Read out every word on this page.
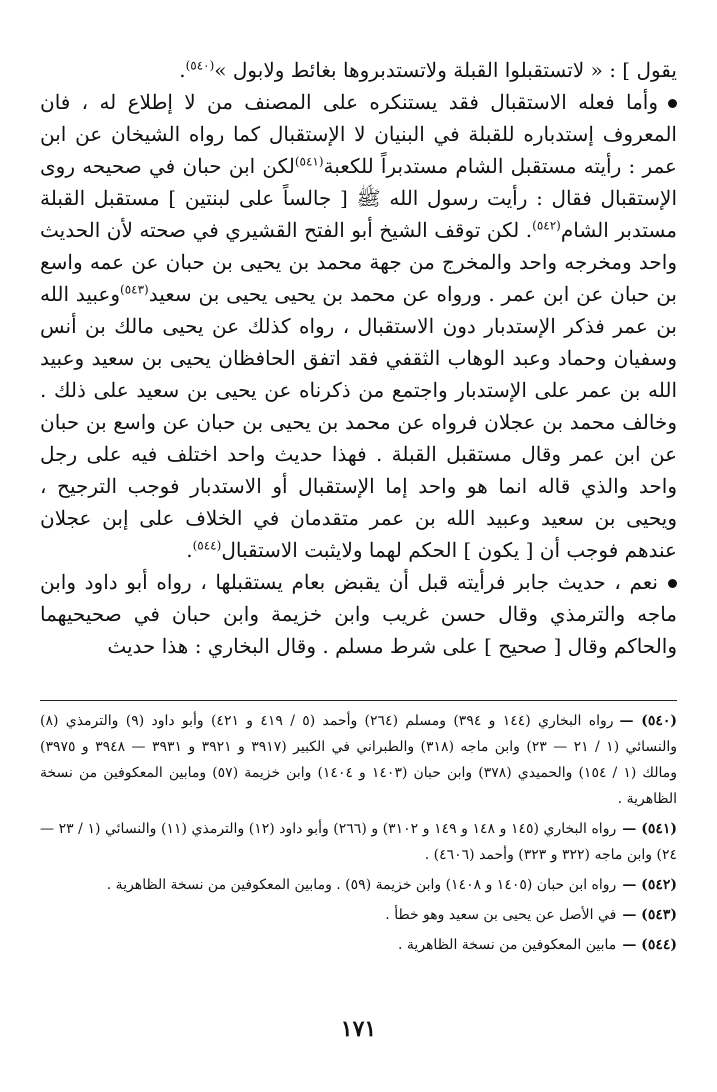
يقول ] : « لاتستقبلوا القبلة ولاتستدبروها بغائط ولابول »$^{(٥٤٠)}$.

وأما فعله الاستقبال فقد يستنكره على المصنف من لا إطلاع له ، فان المعروف إستدباره للقبلة في البنيان لا الإستقبال كما رواه الشيخان عن ابن عمر : رأيته مستقبل الشام مستدبراً للكعبة$^{(٥٤١)}$لكن ابن حبان في صحيحه روى الإستقبال فقال : رأيت رسول الله ﷺ [ جالساً على لبنتين ] مستقبل القبلة مستدبر الشام$^{(٥٤٢)}$. لكن توقف الشيخ أبو الفتح القشيري في صحته لأن الحديث واحد ومخرجه واحد والمخرج من جهة محمد بن يحيى بن حبان عن عمه واسع بن حبان عن ابن عمر . ورواه عن محمد بن يحيى يحيى بن سعيد$^{(٥٤٣)}$وعبيد الله بن عمر فذكر الإستدبار دون الاستقبال ، رواه كذلك عن يحيى مالك بن أنس وسفيان وحماد وعبد الوهاب الثقفي فقد اتفق الحافظان يحيى بن سعيد وعبيد الله بن عمر على الإستدبار واجتمع من ذكرناه عن يحيى بن سعيد على ذلك . وخالف محمد بن عجلان فرواه عن محمد بن يحيى بن حبان عن واسع بن حبان عن ابن عمر وقال مستقبل القبلة . فهذا حديث واحد اختلف فيه على رجل واحد والذي قاله انما هو واحد إما الإستقبال أو الاستدبار فوجب الترجيح ، ويحيى بن سعيد وعبيد الله بن عمر متقدمان في الخلاف على إبن عجلان عندهم فوجب أن [ يكون ] الحكم لهما ولايثبت الاستقبال$^{(٥٤٤)}$.

نعم ، حديث جابر فرأيته قبل أن يقبض بعام يستقبلها ، رواه أبو داود وابن ماجه والترمذي وقال حسن غريب وابن خزيمة وابن حبان في صحيحيهما والحاكم وقال [ صحيح ] على شرط مسلم . وقال البخاري : هذا حديث

(٥٤٠) —رواه البخاري (١٤٤ و ٣٩٤) ومسلم (٢٦٤) وأحمد (٥ / ٤١٩ و ٤٢١) وأبو داود (٩) والترمذي (٨) والنسائي (١ / ٢١ — ٢٣) وابن ماجه (٣١٨) والطبراني في الكبير (٣٩١٧ و ٣٩٢١ و ٣٩٣١ — ٣٩٤٨ و ٣٩٧٥) ومالك (١ / ١٥٤) والحميدي (٣٧٨) وابن حبان (١٤٠٣ و ١٤٠٤) وابن خزيمة (٥٧) ومابين المعكوفين من نسخة الظاهرية .

(٥٤١) —رواه البخاري (١٤٥ و ١٤٨ و ١٤٩ و ٣١٠٢) و (٢٦٦) وأبو داود (١٢) والترمذي (١١) والنسائي (١ / ٢٣ — ٢٤) وابن ماجه (٣٢٢ و ٣٢٣) وأحمد (٤٦٠٦) .

(٥٤٢) —رواه ابن حبان (١٤٠٥ و ١٤٠٨) وابن خزيمة (٥٩) . ومابين المعكوفين من نسخة الظاهرية .

(٥٤٣) —في الأصل عن يحيى بن سعيد وهو خطأ .

(٥٤٤) —مابين المعكوفين من نسخة الظاهرية .

١٧١
